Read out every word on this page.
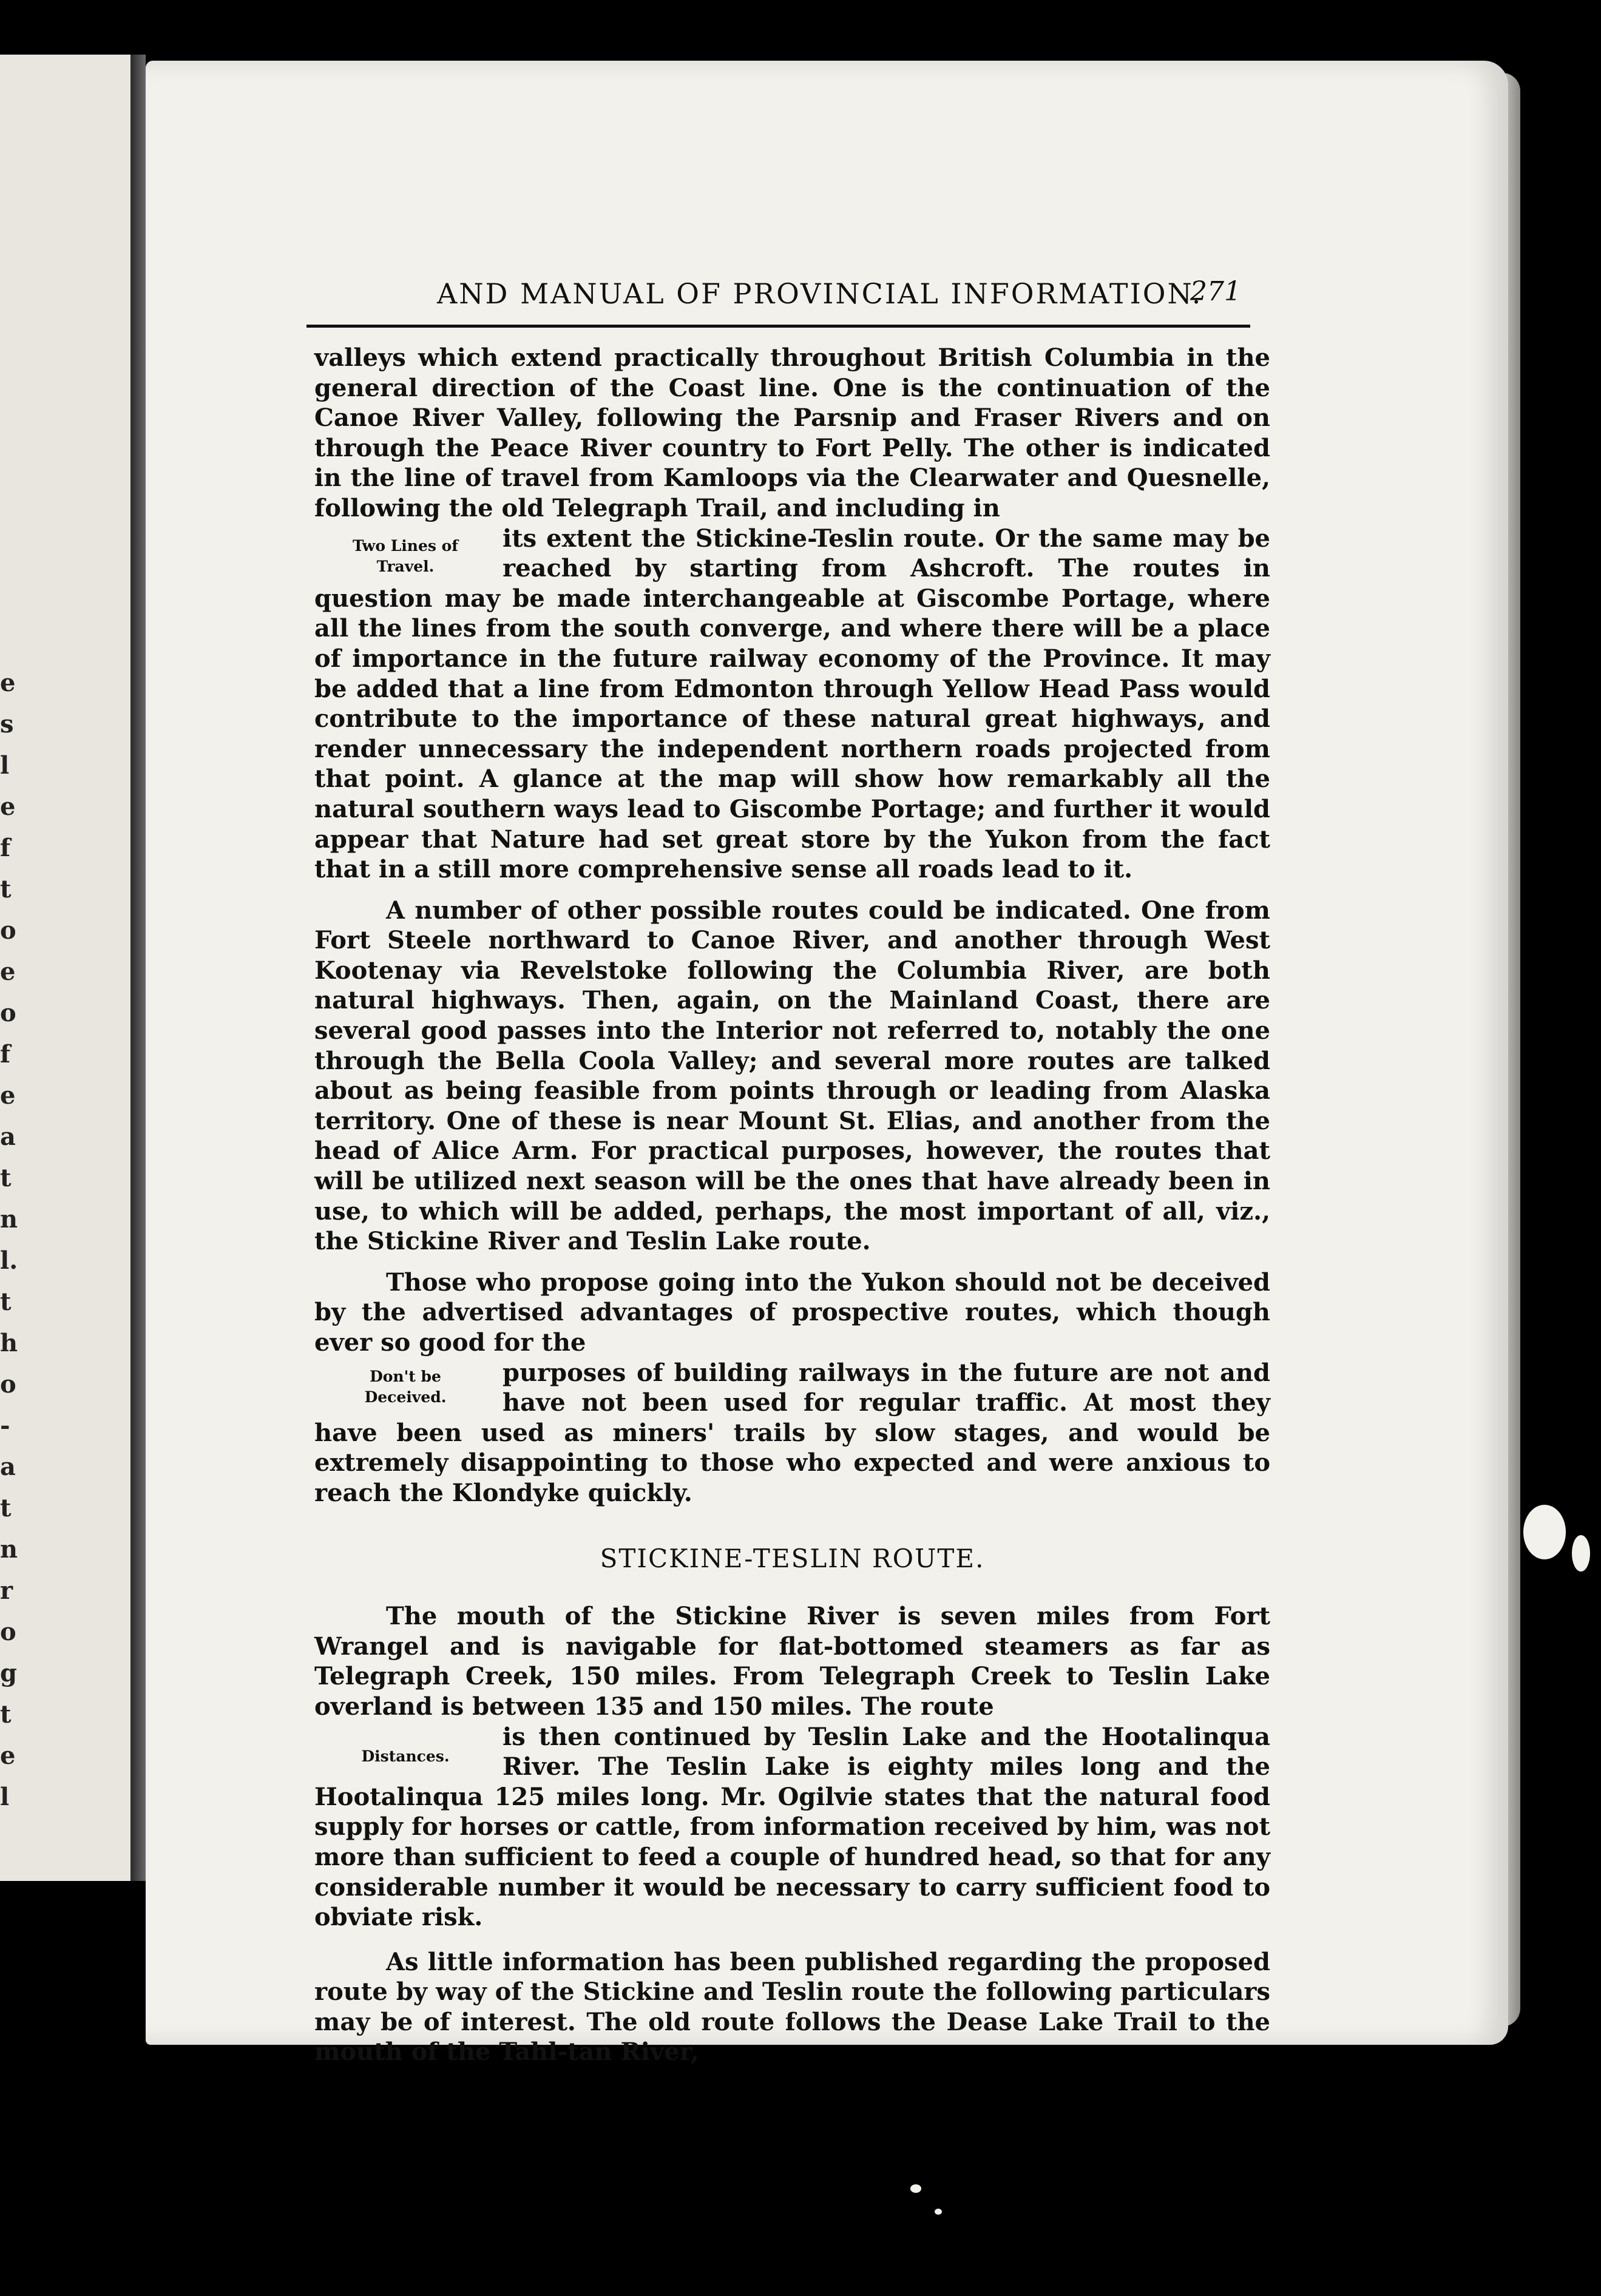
e
s
l
e
f
t
o
e
o
f
e
a
t
n
l.
t
h
o
-
a
t
n
r
o
g
t
e
l
AND MANUAL OF PROVINCIAL INFORMATION.
271

valleys which extend practically throughout British Columbia in the general direction of the Coast line. One is the continuation of the Canoe River Valley, following the Parsnip and Fraser Rivers and on through the Peace River country to Fort Pelly. The other is indicated in the line of travel from Kamloops via the Clearwater and Quesnelle, following the old Telegraph Trail, and including in

Two Lines of
Travel.
its extent the Stickine-Teslin route. Or the same may be reached by starting from Ashcroft. The routes in question may be made interchangeable at Giscombe Portage, where all the lines from the south converge, and where there will be a place of importance in the future railway economy of the Province. It may be added that a line from Edmonton through Yellow Head Pass would contribute to the importance of these natural great highways, and render unnecessary the independent northern roads projected from that point. A glance at the map will show how remarkably all the natural southern ways lead to Giscombe Portage; and further it would appear that Nature had set great store by the Yukon from the fact that in a still more comprehensive sense all roads lead to it.

A number of other possible routes could be indicated. One from Fort Steele northward to Canoe River, and another through West Kootenay via Revelstoke following the Columbia River, are both natural highways. Then, again, on the Mainland Coast, there are several good passes into the Interior not referred to, notably the one through the Bella Coola Valley; and several more routes are talked about as being feasible from points through or leading from Alaska territory. One of these is near Mount St. Elias, and another from the head of Alice Arm. For practical purposes, however, the routes that will be utilized next season will be the ones that have already been in use, to which will be added, perhaps, the most important of all, viz., the Stickine River and Teslin Lake route.

Those who propose going into the Yukon should not be deceived by the advertised advantages of prospective routes, which though ever so good for the

Don't be
Deceived.
purposes of building railways in the future are not and have not been used for regular traffic. At most they have been used as miners' trails by slow stages, and would be extremely disappointing to those who expected and were anxious to reach the Klondyke quickly.

STICKINE-TESLIN ROUTE.

The mouth of the Stickine River is seven miles from Fort Wrangel and is navigable for flat-bottomed steamers as far as Telegraph Creek, 150 miles. From Telegraph Creek to Teslin Lake overland is between 135 and 150 miles. The route

Distances.
is then continued by Teslin Lake and the Hootalinqua River. The Teslin Lake is eighty miles long and the Hootalinqua 125 miles long. Mr. Ogilvie states that the natural food supply for horses or cattle, from information received by him, was not more than sufficient to feed a couple of hundred head, so that for any considerable number it would be necessary to carry sufficient food to obviate risk.

As little information has been published regarding the proposed route by way of the Stickine and Teslin route the following particulars may be of interest. The old route follows the Dease Lake Trail to the mouth of the Tahl-tan River,
